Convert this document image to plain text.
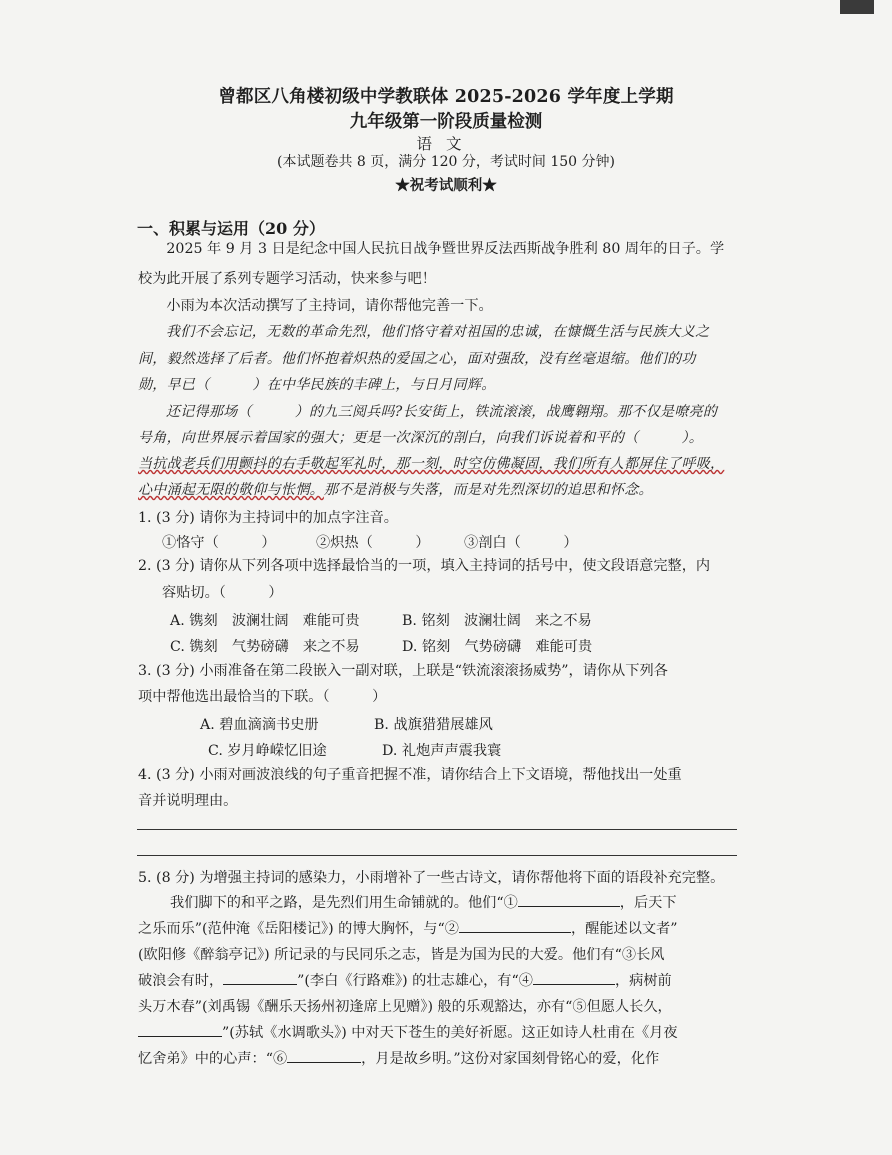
曾都区八角楼初级中学教联体 2025-2026 学年度上学期
九年级第一阶段质量检测
语文
(本试题卷共 8 页，满分 120 分，考试时间 150 分钟)
★祝考试顺利★
一、积累与运用（20 分）
2025 年 9 月 3 日是纪念中国人民抗日战争暨世界反法西斯战争胜利 80 周年的日子。学
校为此开展了系列专题学习活动，快来参与吧！
小雨为本次活动撰写了主持词，请你帮他完善一下。
我们不会忘记，无数的革命先烈，他们恪守着对祖国的忠诚，在慷慨生活与民族大义之
间，毅然选择了后者。他们怀抱着炽热的爱国之心，面对强敌，没有丝毫退缩。他们的功
勋，早已（　　　）在中华民族的丰碑上，与日月同辉。
还记得那场（　　　）的九三阅兵吗?长安街上，铁流滚滚，战鹰翱翔。那不仅是嘹亮的
号角，向世界展示着国家的强大；更是一次深沉的剖白，向我们诉说着和平的（　　　）。
当抗战老兵们用颤抖的右手敬起军礼时，那一刻，时空仿佛凝固，我们所有人都屏住了呼吸，
心中涌起无限的敬仰与怅惘。那不是消极与失落，而是对先烈深切的追思和怀念。
1. (3 分) 请你为主持词中的加点字注音。
①恪守（　　　）	②炽热（　　　） ③剖白（　　　）
2. (3 分) 请你从下列各项中选择最恰当的一项，填入主持词的括号中，使文段语意完整，内
容贴切。（　　　）
A. 镌刻　波澜壮阔　难能可贵	B. 铭刻　波澜壮阔　来之不易
C. 镌刻　气势磅礴　来之不易	D. 铭刻　气势磅礴　难能可贵
3. (3 分) 小雨准备在第二段嵌入一副对联，上联是“铁流滚滚扬威势”，请你从下列各
项中帮他选出最恰当的下联。（　　　）
A. 碧血滴滴书史册	B. 战旗猎猎展雄风
C. 岁月峥嵘忆旧途	D. 礼炮声声震我寰
4. (3 分) 小雨对画波浪线的句子重音把握不准，请你结合上下文语境，帮他找出一处重
音并说明理由。
5. (8 分) 为增强主持词的感染力，小雨增补了一些古诗文，请你帮他将下面的语段补充完整。
我们脚下的和平之路，是先烈们用生命铺就的。他们“①	，后天下
之乐而乐”(范仲淹《岳阳楼记》) 的博大胸怀，与“②	，醒能述以文者”
(欧阳修《醉翁亭记》) 所记录的与民同乐之志，皆是为国为民的大爱。他们有“③长风
破浪会有时，	”(李白《行路难》) 的壮志雄心，有“④	，病树前
头万木春”(刘禹锡《酬乐天扬州初逢席上见赠》) 般的乐观豁达，亦有“⑤但愿人长久，
”(苏轼《水调歌头》) 中对天下苍生的美好祈愿。这正如诗人杜甫在《月夜
忆舍弟》中的心声：“⑥	，月是故乡明。”这份对家国刻骨铭心的爱，化作
